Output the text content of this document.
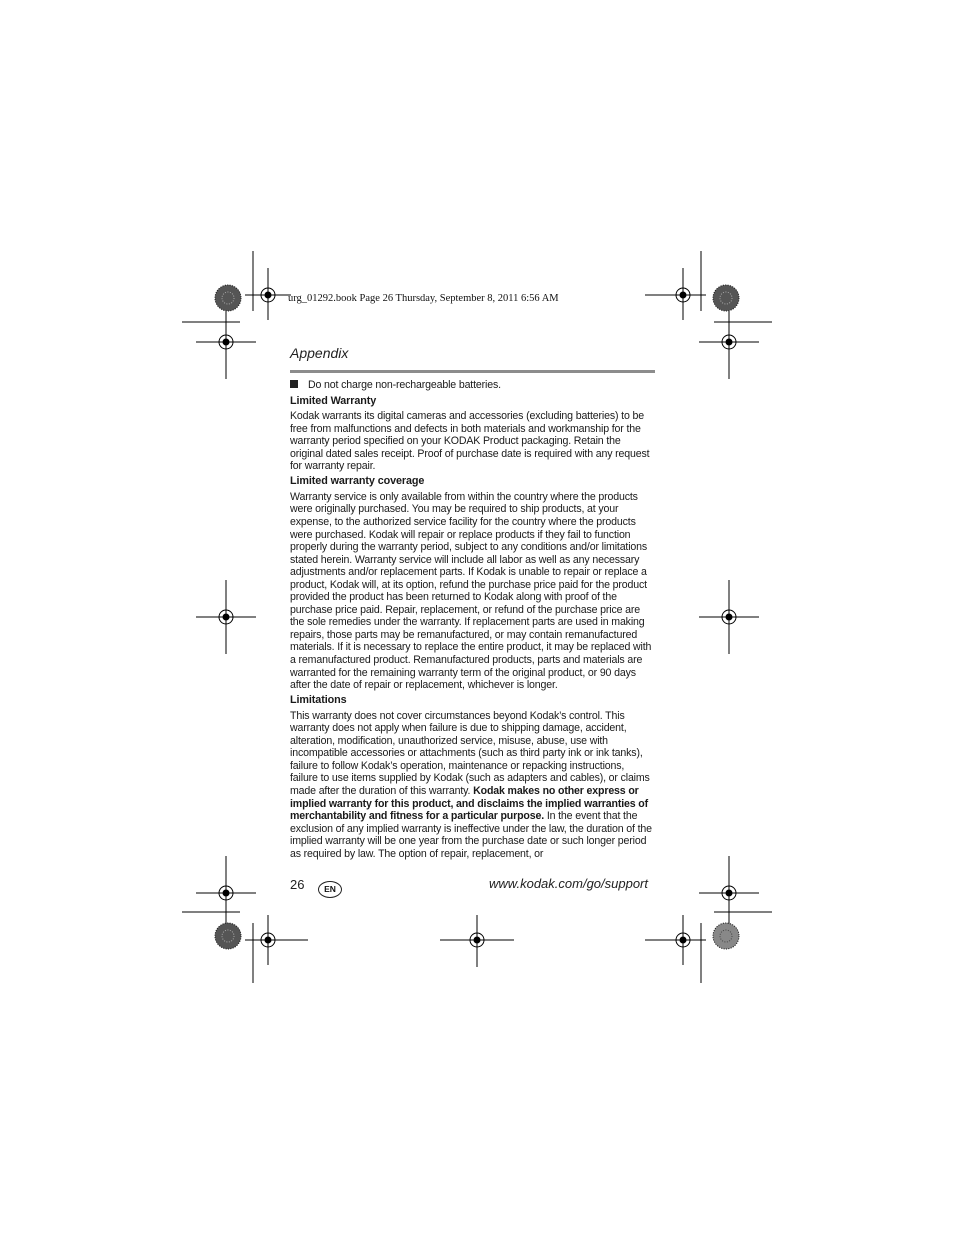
urg_01292.book Page 26 Thursday, September 8, 2011 6:56 AM
Appendix
Do not charge non-rechargeable batteries.
Limited Warranty

Kodak warrants its digital cameras and accessories (excluding batteries) to be free from malfunctions and defects in both materials and workmanship for the warranty period specified on your KODAK Product packaging. Retain the original dated sales receipt. Proof of purchase date is required with any request for warranty repair.

Limited warranty coverage

Warranty service is only available from within the country where the products were originally purchased. You may be required to ship products, at your expense, to the authorized service facility for the country where the products were purchased. Kodak will repair or replace products if they fail to function properly during the warranty period, subject to any conditions and/or limitations stated herein. Warranty service will include all labor as well as any necessary adjustments and/or replacement parts. If Kodak is unable to repair or replace a product, Kodak will, at its option, refund the purchase price paid for the product provided the product has been returned to Kodak along with proof of the purchase price paid. Repair, replacement, or refund of the purchase price are the sole remedies under the warranty. If replacement parts are used in making repairs, those parts may be remanufactured, or may contain remanufactured materials. If it is necessary to replace the entire product, it may be replaced with a remanufactured product. Remanufactured products, parts and materials are warranted for the remaining warranty term of the original product, or 90 days after the date of repair or replacement, whichever is longer.

Limitations

This warranty does not cover circumstances beyond Kodak’s control. This warranty does not apply when failure is due to shipping damage, accident, alteration, modification, unauthorized service, misuse, abuse, use with incompatible accessories or attachments (such as third party ink or ink tanks), failure to follow Kodak’s operation, maintenance or repacking instructions, failure to use items supplied by Kodak (such as adapters and cables), or claims made after the duration of this warranty. Kodak makes no other express or implied warranty for this product, and disclaims the implied warranties of merchantability and fitness for a particular purpose. In the event that the exclusion of any implied warranty is ineffective under the law, the duration of the implied warranty will be one year from the purchase date or such longer period as required by law. The option of repair, replacement, or

26	EN	www.kodak.com/go/support
